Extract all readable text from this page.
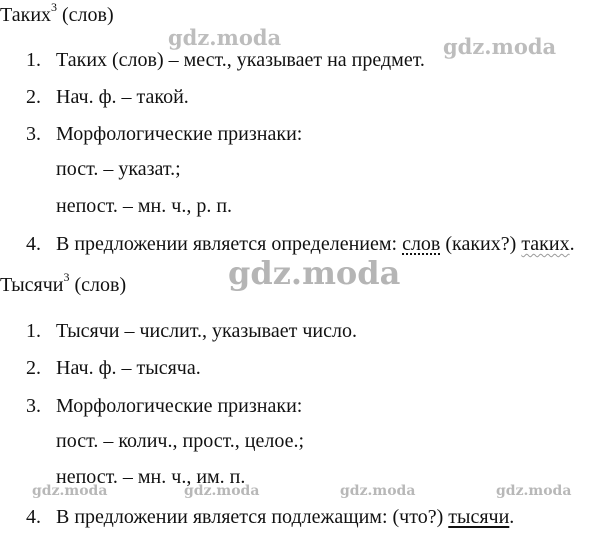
gdz.moda	gdz.moda
gdz.moda
gdz.moda	gdz.moda	gdz.moda	gdz.moda
Таких$^3$ (слов)
1. Таких (слов) – мест., указывает на предмет.
2. Нач. ф. – такой.
3. Морфологические признаки:
пост. – указат.;
непост. – мн. ч., р. п.
4. В предложении является определением: слов (каких?) таких.
Тысячи$^3$ (слов)
1. Тысячи – числит., указывает число.
2. Нач. ф. – тысяча.
3. Морфологические признаки:
пост. – колич., прост., целое.;
непост. – мн. ч., им. п.
4. В предложении является подлежащим: (что?) тысячи.
